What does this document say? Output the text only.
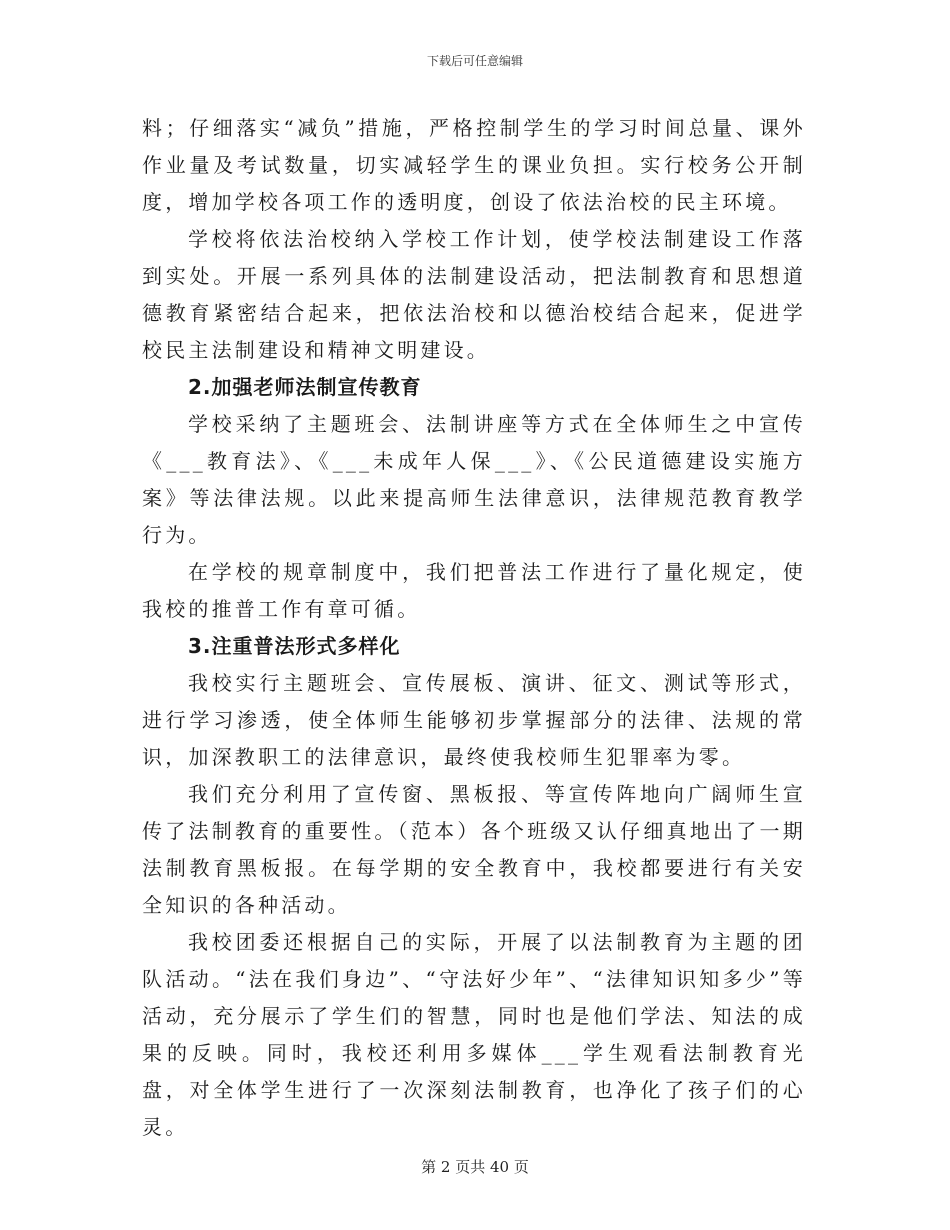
下载后可任意编辑

料；仔细落实“减负”措施，严格控制学生的学习时间总量、课外作业量及考试数量，切实减轻学生的课业负担。实行校务公开制度，增加学校各项工作的透明度，创设了依法治校的民主环境。

学校将依法治校纳入学校工作计划，使学校法制建设工作落到实处。开展一系列具体的法制建设活动，把法制教育和思想道德教育紧密结合起来，把依法治校和以德治校结合起来，促进学校民主法制建设和精神文明建设。

2.加强老师法制宣传教育

学校采纳了主题班会、法制讲座等方式在全体师生之中宣传《___教育法》、《___未成年人保___》、《公民道德建设实施方案》等法律法规。以此来提高师生法律意识，法律规范教育教学行为。

在学校的规章制度中，我们把普法工作进行了量化规定，使我校的推普工作有章可循。

3.注重普法形式多样化

我校实行主题班会、宣传展板、演讲、征文、测试等形式，进行学习渗透，使全体师生能够初步掌握部分的法律、法规的常识，加深教职工的法律意识，最终使我校师生犯罪率为零。

我们充分利用了宣传窗、黑板报、等宣传阵地向广阔师生宣传了法制教育的重要性。（范本）各个班级又认仔细真地出了一期法制教育黑板报。在每学期的安全教育中，我校都要进行有关安全知识的各种活动。

我校团委还根据自己的实际，开展了以法制教育为主题的团队活动。“法在我们身边”、“守法好少年”、“法律知识知多少”等活动，充分展示了学生们的智慧，同时也是他们学法、知法的成果的反映。同时，我校还利用多媒体___学生观看法制教育光盘，对全体学生进行了一次深刻法制教育，也净化了孩子们的心灵。

第 2 页共 40 页
